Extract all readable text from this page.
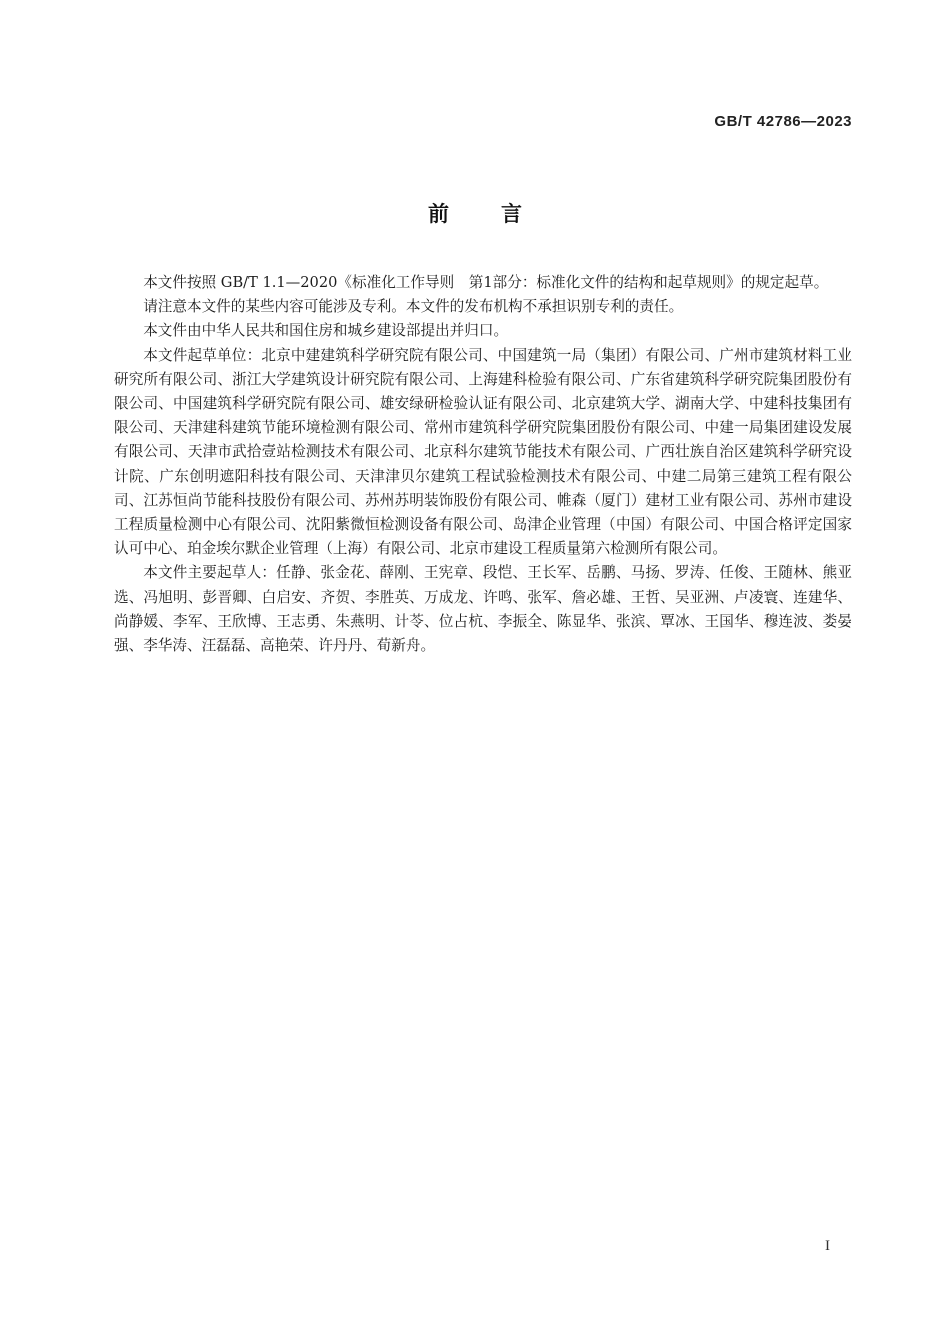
GB/T 42786—2023
前言

本文件按照 GB/T 1.1—2020《标准化工作导则　第1部分：标准化文件的结构和起草规则》的规定起草。

请注意本文件的某些内容可能涉及专利。本文件的发布机构不承担识别专利的责任。

本文件由中华人民共和国住房和城乡建设部提出并归口。

本文件起草单位：北京中建建筑科学研究院有限公司、中国建筑一局（集团）有限公司、广州市建筑材料工业研究所有限公司、浙江大学建筑设计研究院有限公司、上海建科检验有限公司、广东省建筑科学研究院集团股份有限公司、中国建筑科学研究院有限公司、雄安绿研检验认证有限公司、北京建筑大学、湖南大学、中建科技集团有限公司、天津建科建筑节能环境检测有限公司、常州市建筑科学研究院集团股份有限公司、中建一局集团建设发展有限公司、天津市武拾壹站检测技术有限公司、北京科尔建筑节能技术有限公司、广西壮族自治区建筑科学研究设计院、广东创明遮阳科技有限公司、天津津贝尔建筑工程试验检测技术有限公司、中建二局第三建筑工程有限公司、江苏恒尚节能科技股份有限公司、苏州苏明装饰股份有限公司、帷森（厦门）建材工业有限公司、苏州市建设工程质量检测中心有限公司、沈阳紫微恒检测设备有限公司、岛津企业管理（中国）有限公司、中国合格评定国家认可中心、珀金埃尔默企业管理（上海）有限公司、北京市建设工程质量第六检测所有限公司。

本文件主要起草人：任静、张金花、薛刚、王宪章、段恺、王长军、岳鹏、马扬、罗涛、任俊、王随林、熊亚选、冯旭明、彭晋卿、白启安、齐贺、李胜英、万成龙、许鸣、张军、詹必雄、王哲、吴亚洲、卢凌寰、连建华、尚静媛、李军、王欣博、王志勇、朱燕明、计苓、位占杭、李振全、陈显华、张滨、覃冰、王国华、穆连波、娄晏强、李华涛、汪磊磊、高艳荣、许丹丹、荀新舟。

I
